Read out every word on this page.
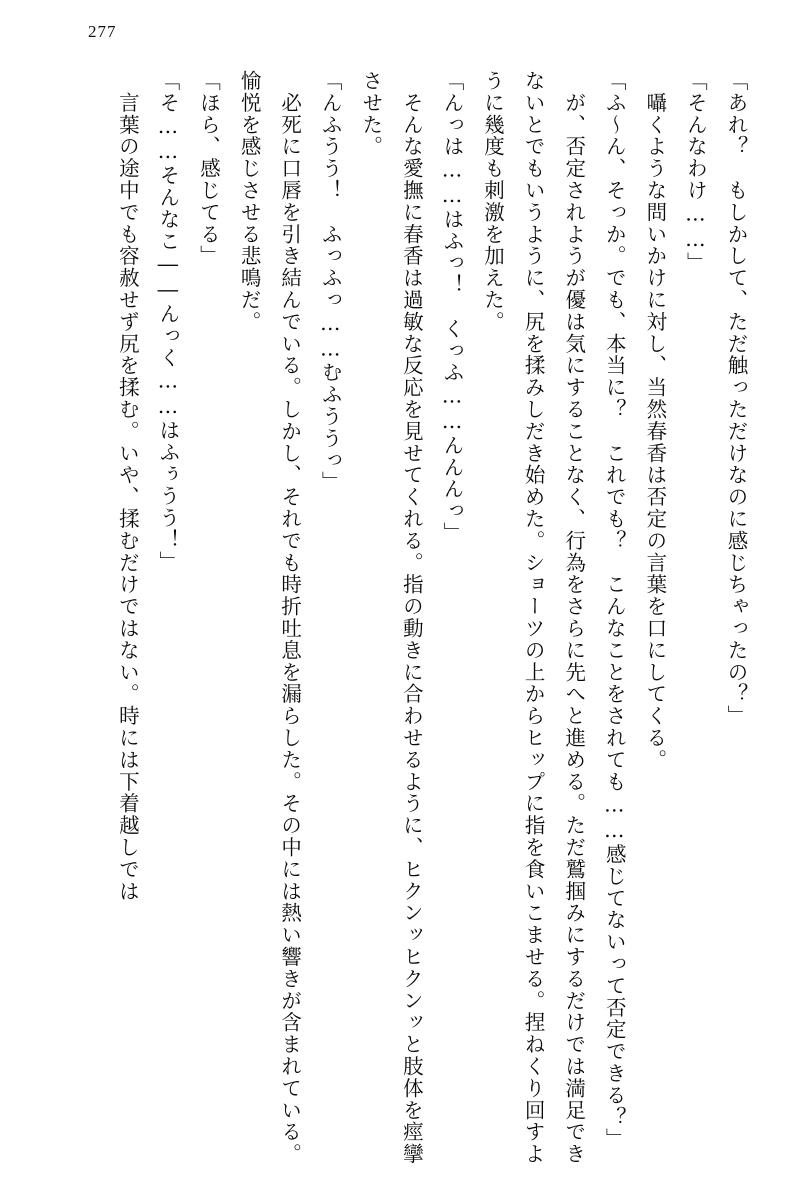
277

「あれ？　もしかして、ただ触っただけなのに感じちゃったの？」

「そんなわけ……」

　囁くような問いかけに対し、当然春香は否定の言葉を口にしてくる。

「ふ～ん、そっか。でも、本当に？　これでも？　こんなことをされても……感じてないって否定できる？」

　が、否定されようが優は気にすることなく、行為をさらに先へと進める。ただ鷲掴みにするだけでは満足できないとでもいうように、尻を揉みしだき始めた。ショーツの上からヒップに指を食いこませる。捏ねくり回すように幾度も刺激を加えた。

「んっは……はふっ！　くっふ……んんんっ」

　そんな愛撫に春香は過敏な反応を見せてくれる。指の動きに合わせるように、ヒクンッヒクンッと肢体を痙攣させた。

「んふうう！　ふっふっ……むふううっ」

　必死に口唇を引き結んでいる。しかし、それでも時折吐息を漏らした。その中には熱い響きが含まれている。愉悦を感じさせる悲鳴だ。

「ほら、感じてる」

「そ……そんなこ――んっく……はふぅうう！」

　言葉の途中でも容赦せず尻を揉む。いや、揉むだけではない。時には下着越しでは
